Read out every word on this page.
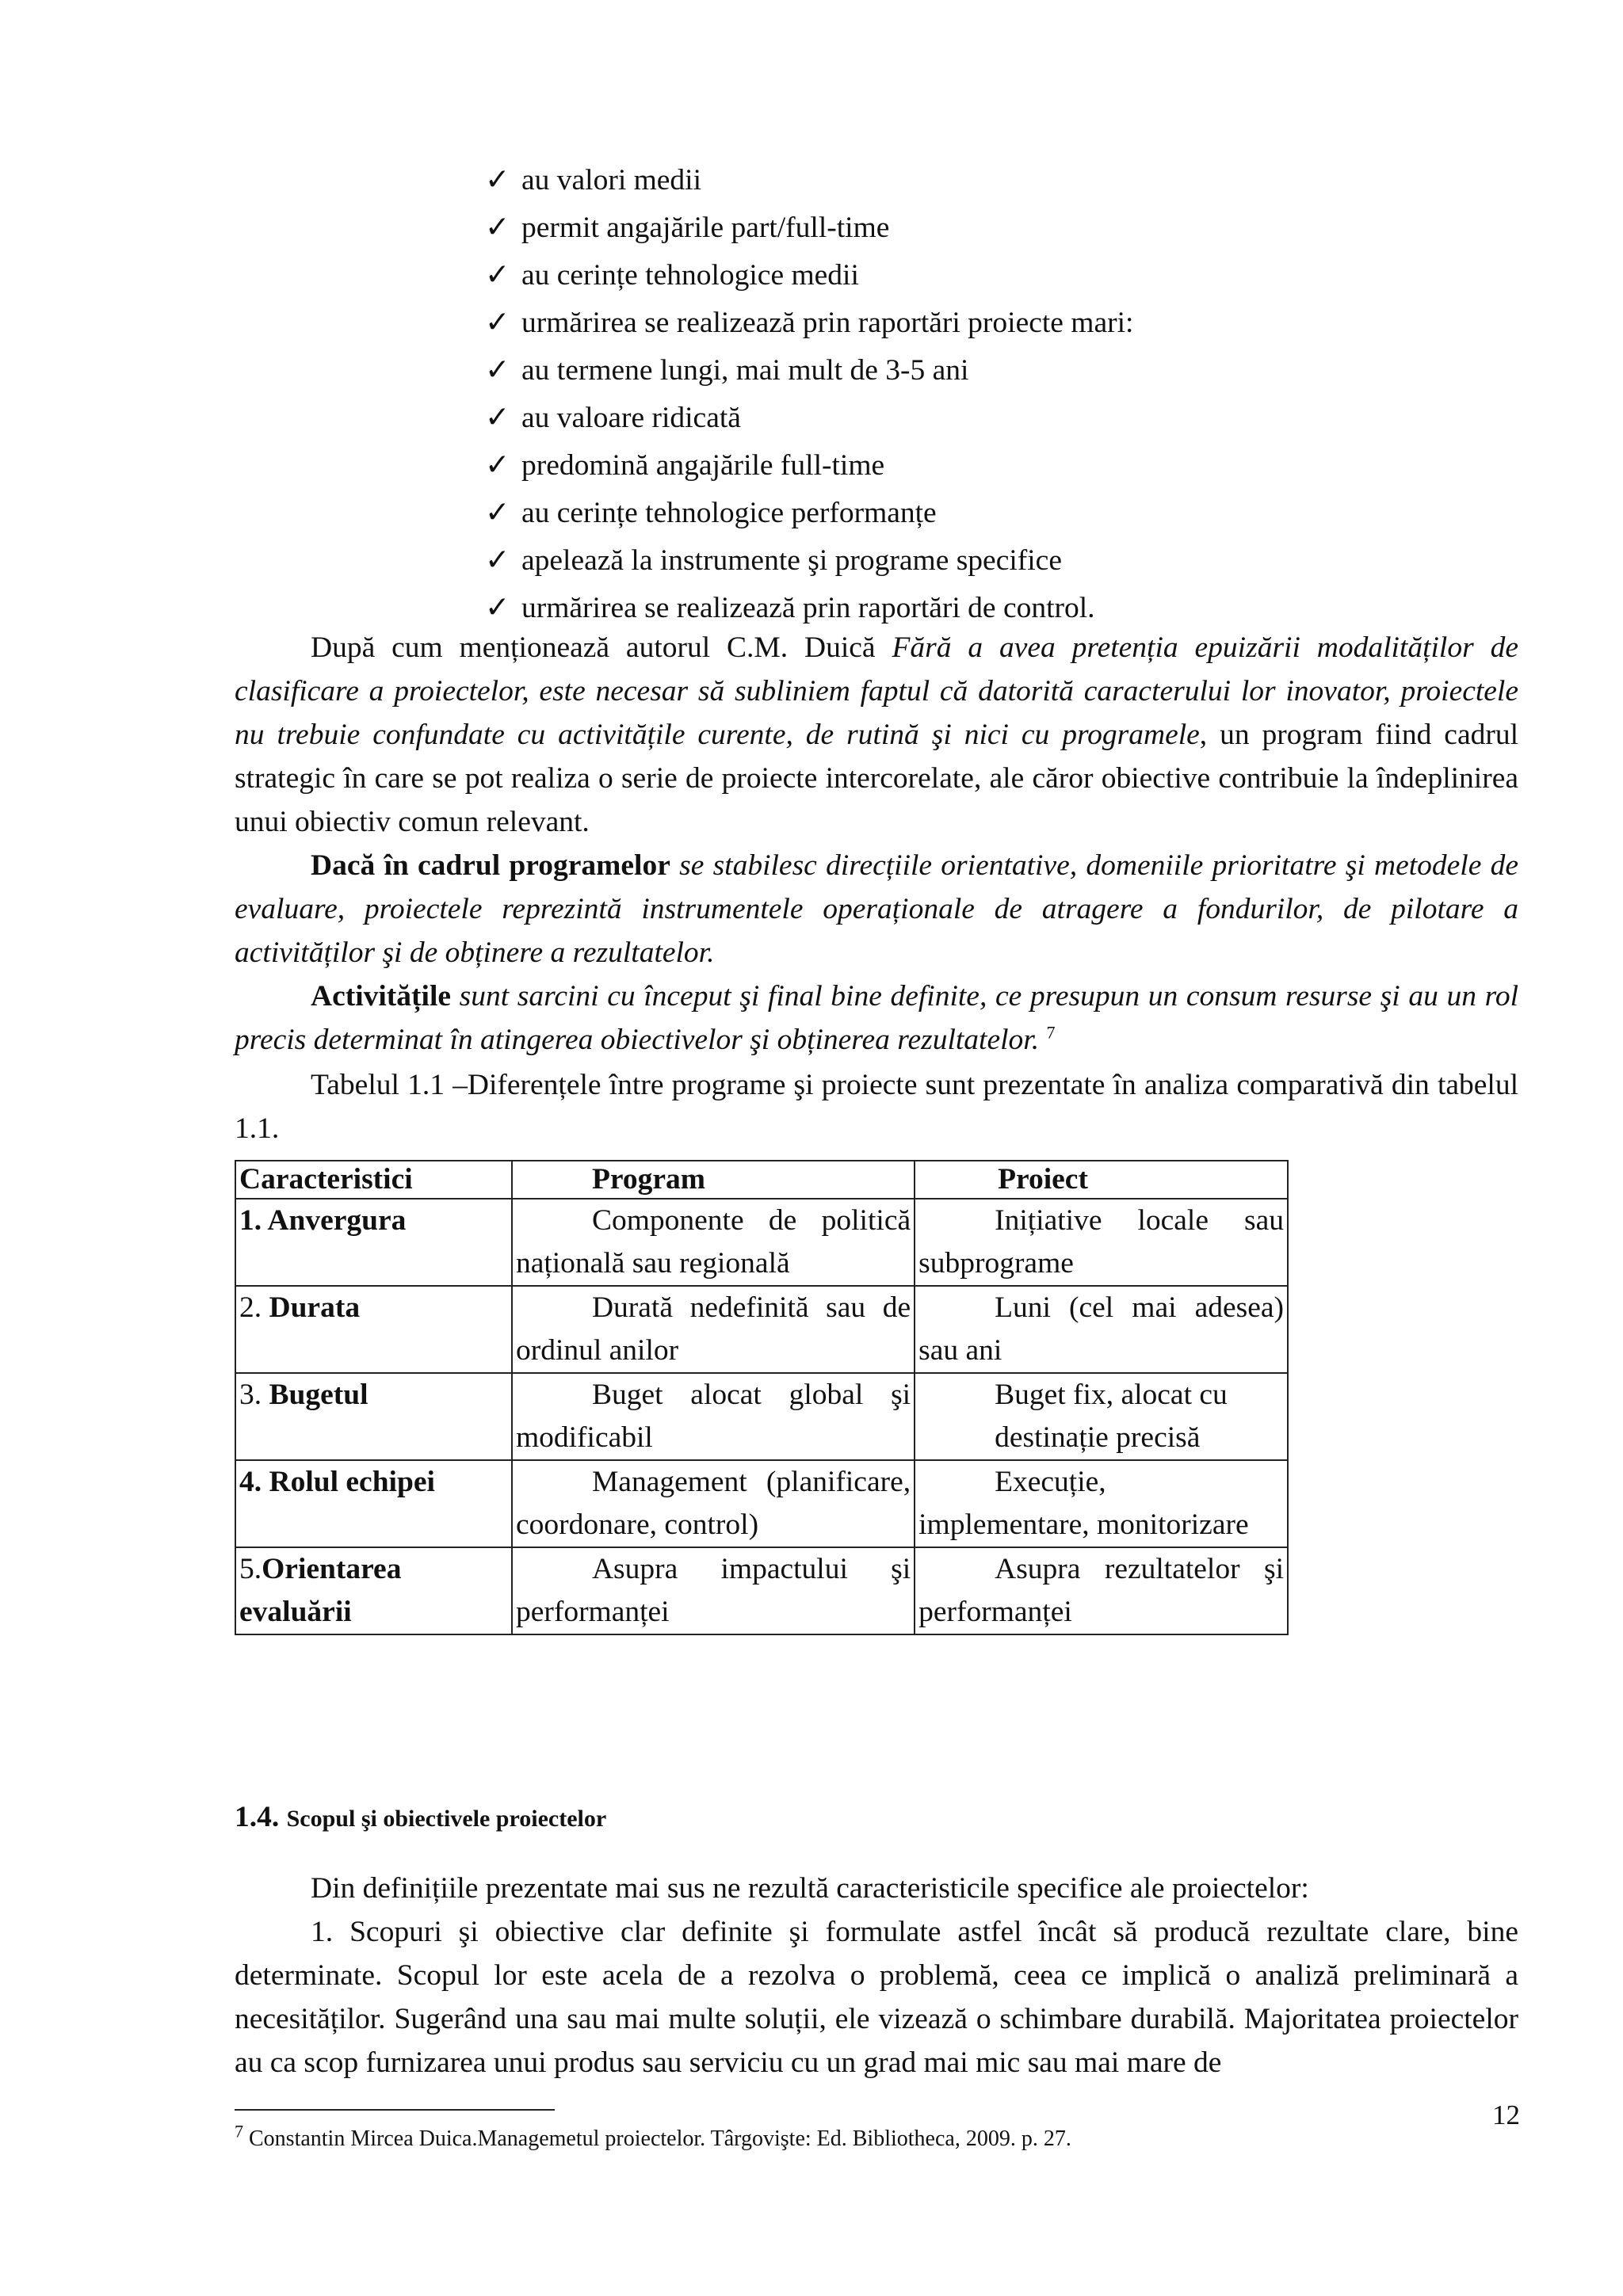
✓ au valori medii
✓ permit angajările part/full-time
✓ au cerințe tehnologice medii
✓ urmărirea se realizează prin raportări proiecte mari:
✓ au termene lungi, mai mult de 3-5 ani
✓ au valoare ridicată
✓ predomină angajările full-time
✓ au cerințe tehnologice performanțe
✓ apelează la instrumente şi programe specifice
✓ urmărirea se realizează prin raportări de control.

După cum menționează autorul C.M. Duică Fără a avea pretenția epuizării modalităților de clasificare a proiectelor, este necesar să subliniem faptul că datorită caracterului lor inovator, proiectele nu trebuie confundate cu activitățile curente, de rutină şi nici cu programele, un program fiind cadrul strategic în care se pot realiza o serie de proiecte intercorelate, ale căror obiective contribuie la îndeplinirea unui obiectiv comun relevant.

Dacă în cadrul programelor se stabilesc direcțiile orientative, domeniile prioritatre şi metodele de evaluare, proiectele reprezintă instrumentele operaționale de atragere a fondurilor, de pilotare a activităților şi de obținere a rezultatelor.

Activitățile sunt sarcini cu început şi final bine definite, ce presupun un consum resurse şi au un rol precis determinat în atingerea obiectivelor şi obținerea rezultatelor. $^7$

Tabelul 1.1 –Diferențele între programe şi proiecte sunt prezentate în analiza comparativă din tabelul 1.1.

Caracteristici	Program	Proiect
1. Anvergura	Componente de politică națională sau regională	Inițiative locale sau subprograme

2. Durata	Durată nedefinită sau de ordinul anilor	Luni (cel mai adesea) sau ani

3. Bugetul	Buget alocat global şi modificabil	Buget fix, alocat cu destinație precisă
4. Rolul echipei	Management (planificare, coordonare, control)	Execuție, implementare, monitorizare

5.Orientarea evaluării	Asupra impactului şi performanței	Asupra rezultatelor şi performanței
1.4. Scopul şi obiectivele proiectelor

Din definițiile prezentate mai sus ne rezultă caracteristicile specifice ale proiectelor:

1. Scopuri şi obiective clar definite şi formulate astfel încât să producă rezultate clare, bine determinate. Scopul lor este acela de a rezolva o problemă, ceea ce implică o analiză preliminară a necesităților. Sugerând una sau mai multe soluții, ele vizează o schimbare durabilă. Majoritatea proiectelor au ca scop furnizarea unui produs sau serviciu cu un grad mai mic sau mai mare de

$^7$ Constantin Mircea Duica.Managemetul proiectelor. Târgovişte: Ed. Bibliotheca, 2009. p. 27.
12
